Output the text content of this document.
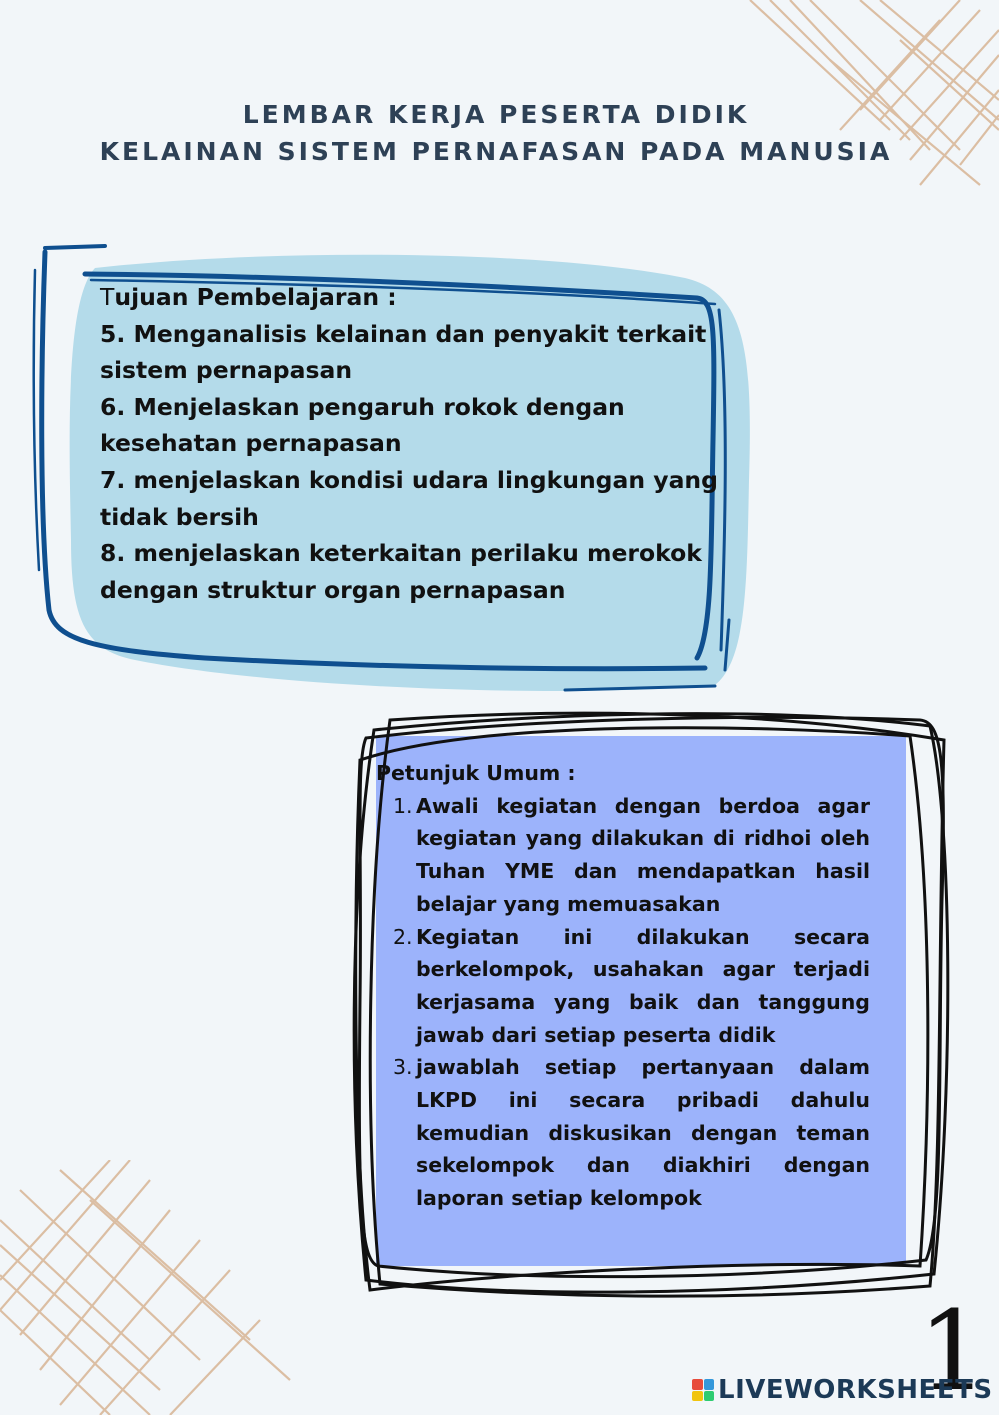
LEMBAR KERJA PESERTA DIDIK
KELAINAN SISTEM PERNAFASAN PADA MANUSIA
Tujuan Pembelajaran :
5. Menganalisis kelainan dan penyakit terkait
sistem pernapasan
6. Menjelaskan pengaruh rokok dengan
kesehatan pernapasan
7. menjelaskan kondisi udara lingkungan yang
tidak bersih
8. menjelaskan keterkaitan perilaku merokok
dengan struktur organ pernapasan
Petunjuk Umum :
1. Awali kegiatan dengan berdoa agar kegiatan yang dilakukan di ridhoi oleh Tuhan YME dan mendapatkan hasil belajar yang memuasakan
2. Kegiatan ini dilakukan secara berkelompok, usahakan agar terjadi kerjasama yang baik dan tanggung jawab dari setiap peserta didik
3. jawablah setiap pertanyaan dalam LKPD ini secara pribadi dahulu kemudian diskusikan dengan teman sekelompok dan diakhiri dengan laporan setiap kelompok
1
LIVEWORKSHEETS
